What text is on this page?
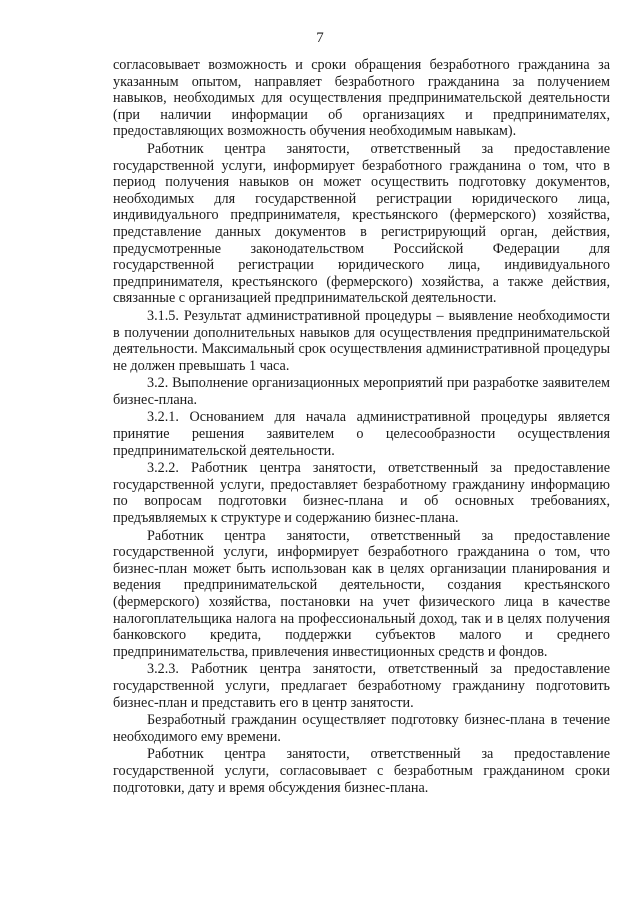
7

согласовывает возможность и сроки обращения безработного гражданина за указанным опытом, направляет безработного гражданина за получением навыков, необходимых для осуществления предпринимательской деятельности (при наличии информации об организациях и предпринимателях, предоставляющих возможность обучения необходимым навыкам).

Работник центра занятости, ответственный за предоставление государственной услуги, информирует безработного гражданина о том, что в период получения навыков он может осуществить подготовку документов, необходимых для государственной регистрации юридического лица, индивидуального предпринимателя, крестьянского (фермерского) хозяйства, представление данных документов в регистрирующий орган, действия, предусмотренные законодательством Российской Федерации для государственной регистрации юридического лица, индивидуального предпринимателя, крестьянского (фермерского) хозяйства, а также действия, связанные с организацией предпринимательской деятельности.

3.1.5. Результат административной процедуры – выявление необходимости в получении дополнительных навыков для осуществления предпринимательской деятельности. Максимальный срок осуществления административной процедуры не должен превышать 1 часа.

3.2. Выполнение организационных мероприятий при разработке заявителем бизнес-плана.

3.2.1. Основанием для начала административной процедуры является принятие решения заявителем о целесообразности осуществления предпринимательской деятельности.

3.2.2. Работник центра занятости, ответственный за предоставление государственной услуги, предоставляет безработному гражданину информацию по вопросам подготовки бизнес-плана и об основных требованиях, предъявляемых к структуре и содержанию бизнес-плана.

Работник центра занятости, ответственный за предоставление государственной услуги, информирует безработного гражданина о том, что бизнес-план может быть использован как в целях организации планирования и ведения предпринимательской деятельности, создания крестьянского (фермерского) хозяйства, постановки на учет физического лица в качестве налогоплательщика налога на профессиональный доход, так и в целях получения банковского кредита, поддержки субъектов малого и среднего предпринимательства, привлечения инвестиционных средств и фондов.

3.2.3. Работник центра занятости, ответственный за предоставление государственной услуги, предлагает безработному гражданину подготовить бизнес-план и представить его в центр занятости.

Безработный гражданин осуществляет подготовку бизнес-плана в течение необходимого ему времени.

Работник центра занятости, ответственный за предоставление государственной услуги, согласовывает с безработным гражданином сроки подготовки, дату и время обсуждения бизнес-плана.
